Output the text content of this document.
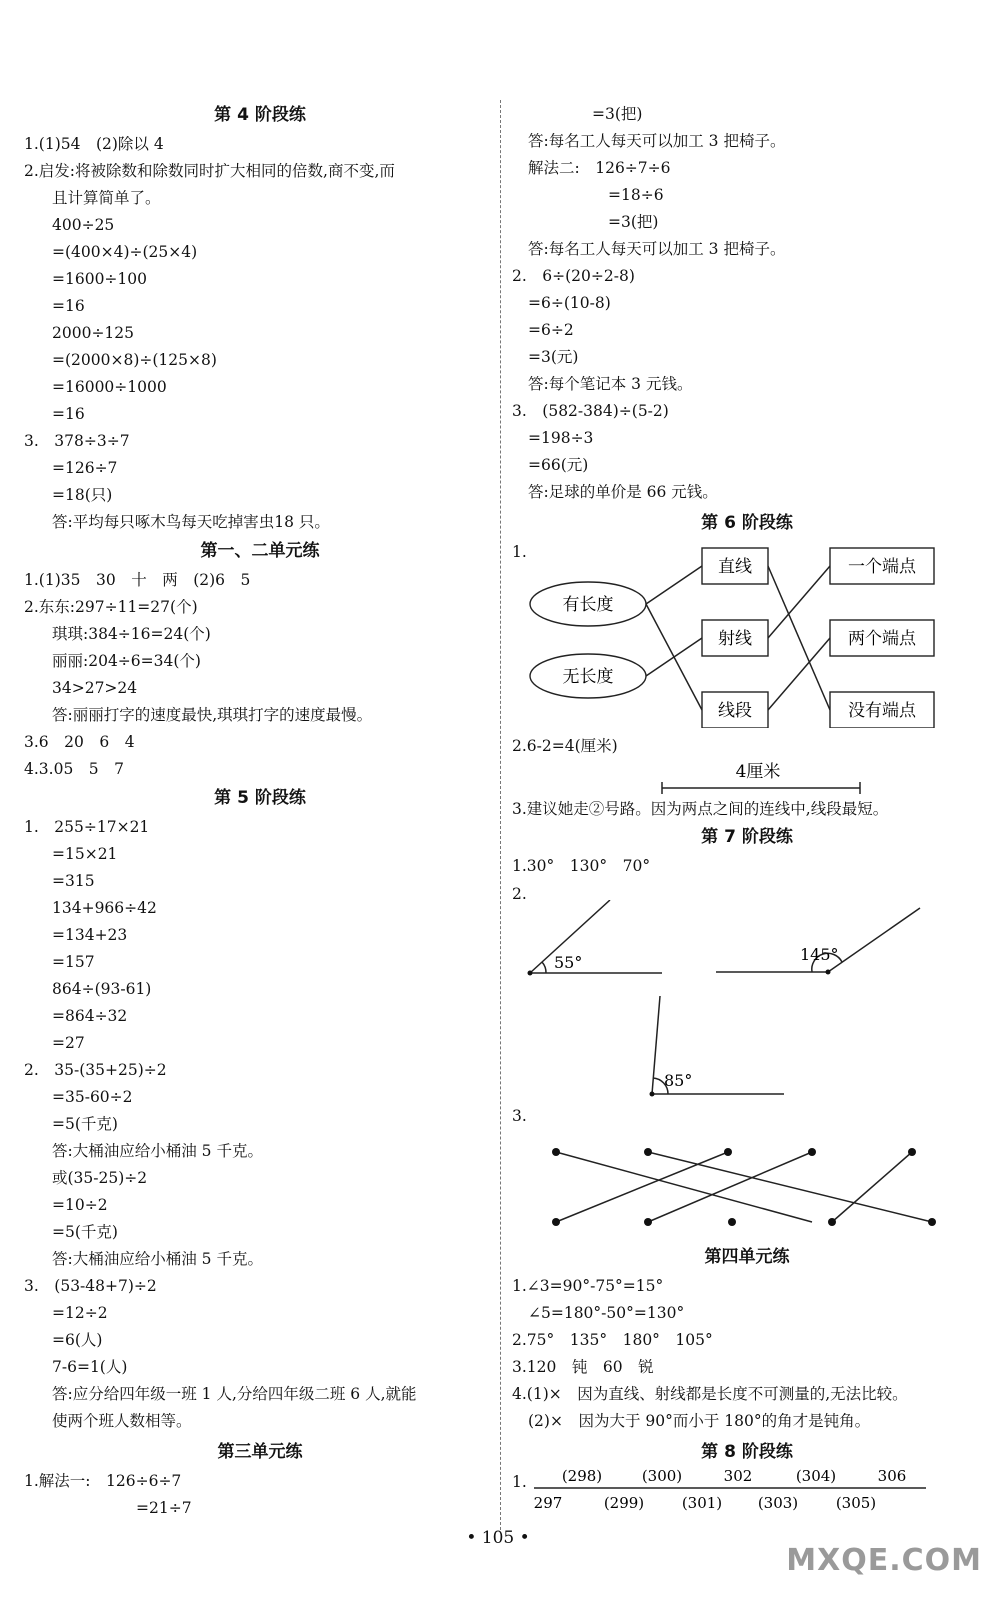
第 4 阶段练
1.(1)54　(2)除以 4
2.启发:将被除数和除数同时扩大相同的倍数,商不变,而
且计算简单了。
400÷25
=(400×4)÷(25×4)
=1600÷100
=16
2000÷125
=(2000×8)÷(125×8)
=16000÷1000
=16
3.　378÷3÷7
=126÷7
=18(只)
答:平均每只啄木鸟每天吃掉害虫18 只。
第一、二单元练
1.(1)35　30　十　两　(2)6　5
2.东东:297÷11=27(个)
琪琪:384÷16=24(个)
丽丽:204÷6=34(个)
34>27>24
答:丽丽打字的速度最快,琪琪打字的速度最慢。
3.6　20　6　4
4.3.05　5　7
第 5 阶段练
1.　255÷17×21
=15×21
=315
134+966÷42
=134+23
=157
864÷(93-61)
=864÷32
=27
2.　35-(35+25)÷2
=35-60÷2
=5(千克)
答:大桶油应给小桶油 5 千克。
或(35-25)÷2
=10÷2
=5(千克)
答:大桶油应给小桶油 5 千克。
3.　(53-48+7)÷2
=12÷2
=6(人)
7-6=1(人)
答:应分给四年级一班 1 人,分给四年级二班 6 人,就能
使两个班人数相等。
第三单元练
1.解法一:　126÷6÷7
=21÷7
=3(把)
答:每名工人每天可以加工 3 把椅子。
解法二:　126÷7÷6
=18÷6
=3(把)
答:每名工人每天可以加工 3 把椅子。
2.　6÷(20÷2-8)
=6÷(10-8)
=6÷2
=3(元)
答:每个笔记本 3 元钱。
3.　(582-384)÷(5-2)
=198÷3
=66(元)
答:足球的单价是 66 元钱。
第 6 阶段练
1.
有长度
无长度
直线
射线
线段
一个端点
两个端点
没有端点
2.6-2=4(厘米)
4厘米
3.建议她走②号路。因为两点之间的连线中,线段最短。
第 7 阶段练
1.30°　130°　70°
2.
55°	145°
85°
3.
第四单元练
1.∠3=90°-75°=15°
∠5=180°-50°=130°
2.75°　135°　180°　105°
3.120　钝　60　锐
4.(1)×　因为直线、射线都是长度不可测量的,无法比较。
(2)×　因为大于 90°而小于 180°的角才是钝角。
第 8 阶段练
1. (298)	(300)	302	(304)	306
297	(299)	(301) (303)	(305)
• 105 •
MXQE.COM
